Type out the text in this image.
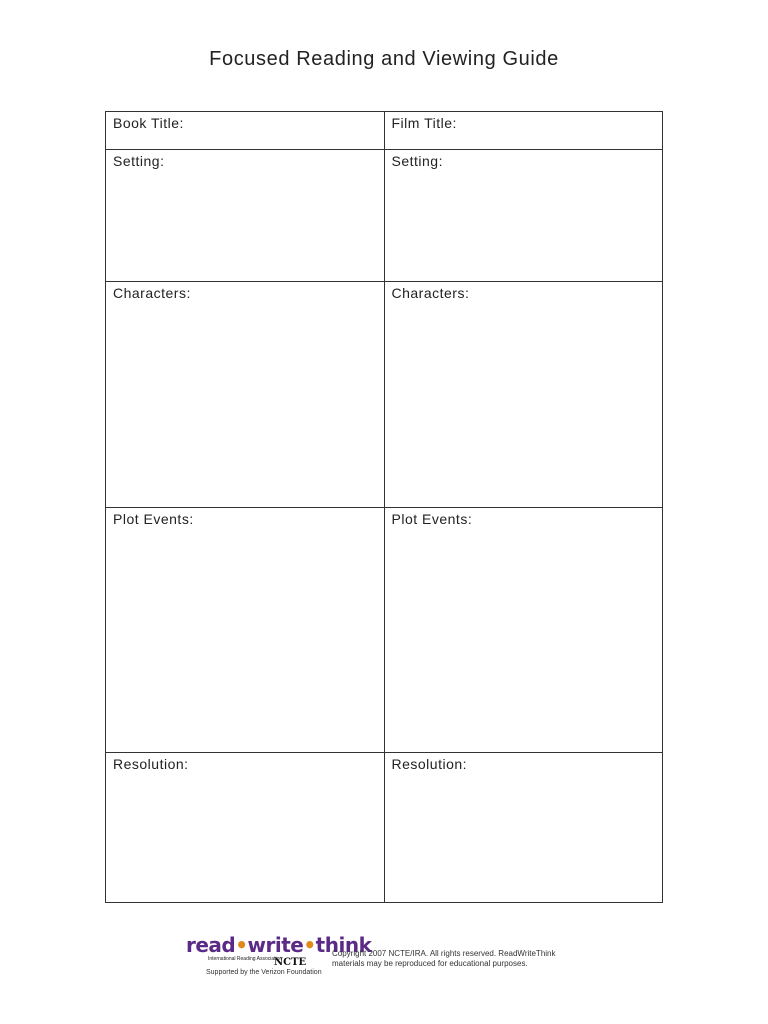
Focused Reading and Viewing Guide
Book Title:	Film Title:

Setting:	Setting:

Characters:	Characters:

Plot Events:	Plot Events:

Resolution:	Resolution:
read•write•think
International Reading Association
NCTE
Supported by the Verizon Foundation
Copyright 2007 NCTE/IRA. All rights reserved. ReadWriteThink
materials may be reproduced for educational purposes.
